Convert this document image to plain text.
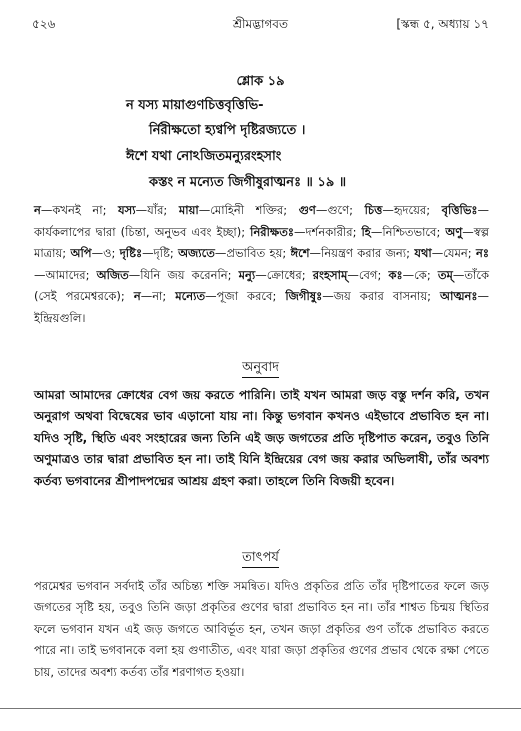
৫২৬	শ্রীমদ্ভাগবত	[স্কন্ধ ৫, অধ্যায় ১৭
শ্লোক ১৯
ন যস্য মায়াগুণচিত্তবৃত্তিভি-
র্নিরীক্ষতো হ্যণ্বপি দৃষ্টিরজ্যতে ।
ঈশে যথা নোঽজিতমন্যুরংহসাং
কস্তং ন মন্যেত জিগীষুরাত্মনঃ ॥ ১৯ ॥
ন—কখনই না; যস্য—যাঁর; মায়া—মোহিনী শক্তির; গুণ—গুণে; চিত্ত—হৃদয়ের; বৃত্তিভিঃ—কার্যকলাপের দ্বারা (চিন্তা, অনুভব এবং ইচ্ছা); নিরীক্ষতঃ—দর্শনকারীর; হি—নিশ্চিতভাবে; অণু—স্বল্প মাত্রায়; অপি—ও; দৃষ্টিঃ—দৃষ্টি; অজ্যতে—প্রভাবিত হয়; ঈশে—নিয়ন্ত্রণ করার জন্য; যথা—যেমন; নঃ—আমাদের; অজিত—যিনি জয় করেননি; মন্যু—ক্রোধের; রংহসাম্—বেগ; কঃ—কে; তম্—তাঁকে (সেই পরমেশ্বরকে); ন—না; মন্যেত—পূজা করবে; জিগীষুঃ—জয় করার বাসনায়; আত্মনঃ—ইন্দ্রিয়গুলি।
অনুবাদ
আমরা আমাদের ক্রোধের বেগ জয় করতে পারিনি। তাই যখন আমরা জড় বস্তু দর্শন করি, তখন অনুরাগ অথবা বিদ্বেষের ভাব এড়ানো যায় না। কিন্তু ভগবান কখনও এইভাবে প্রভাবিত হন না। যদিও সৃষ্টি, স্থিতি এবং সংহারের জন্য তিনি এই জড় জগতের প্রতি দৃষ্টিপাত করেন, তবুও তিনি অণুমাত্রও তার দ্বারা প্রভাবিত হন না। তাই যিনি ইন্দ্রিয়ের বেগ জয় করার অভিলাষী, তাঁর অবশ্য কর্তব্য ভগবানের শ্রীপাদপদ্মের আশ্রয় গ্রহণ করা। তাহলে তিনি বিজয়ী হবেন।
তাৎপর্য
পরমেশ্বর ভগবান সর্বদাই তাঁর অচিন্ত্য শক্তি সমন্বিত। যদিও প্রকৃতির প্রতি তাঁর দৃষ্টিপাতের ফলে জড় জগতের সৃষ্টি হয়, তবুও তিনি জড়া প্রকৃতির গুণের দ্বারা প্রভাবিত হন না। তাঁর শাশ্বত চিন্ময় স্থিতির ফলে ভগবান যখন এই জড় জগতে আবির্ভূত হন, তখন জড়া প্রকৃতির গুণ তাঁকে প্রভাবিত করতে পারে না। তাই ভগবানকে বলা হয় গুণাতীত, এবং যারা জড়া প্রকৃতির গুণের প্রভাব থেকে রক্ষা পেতে চায়, তাদের অবশ্য কর্তব্য তাঁর শরণাগত হওয়া।
